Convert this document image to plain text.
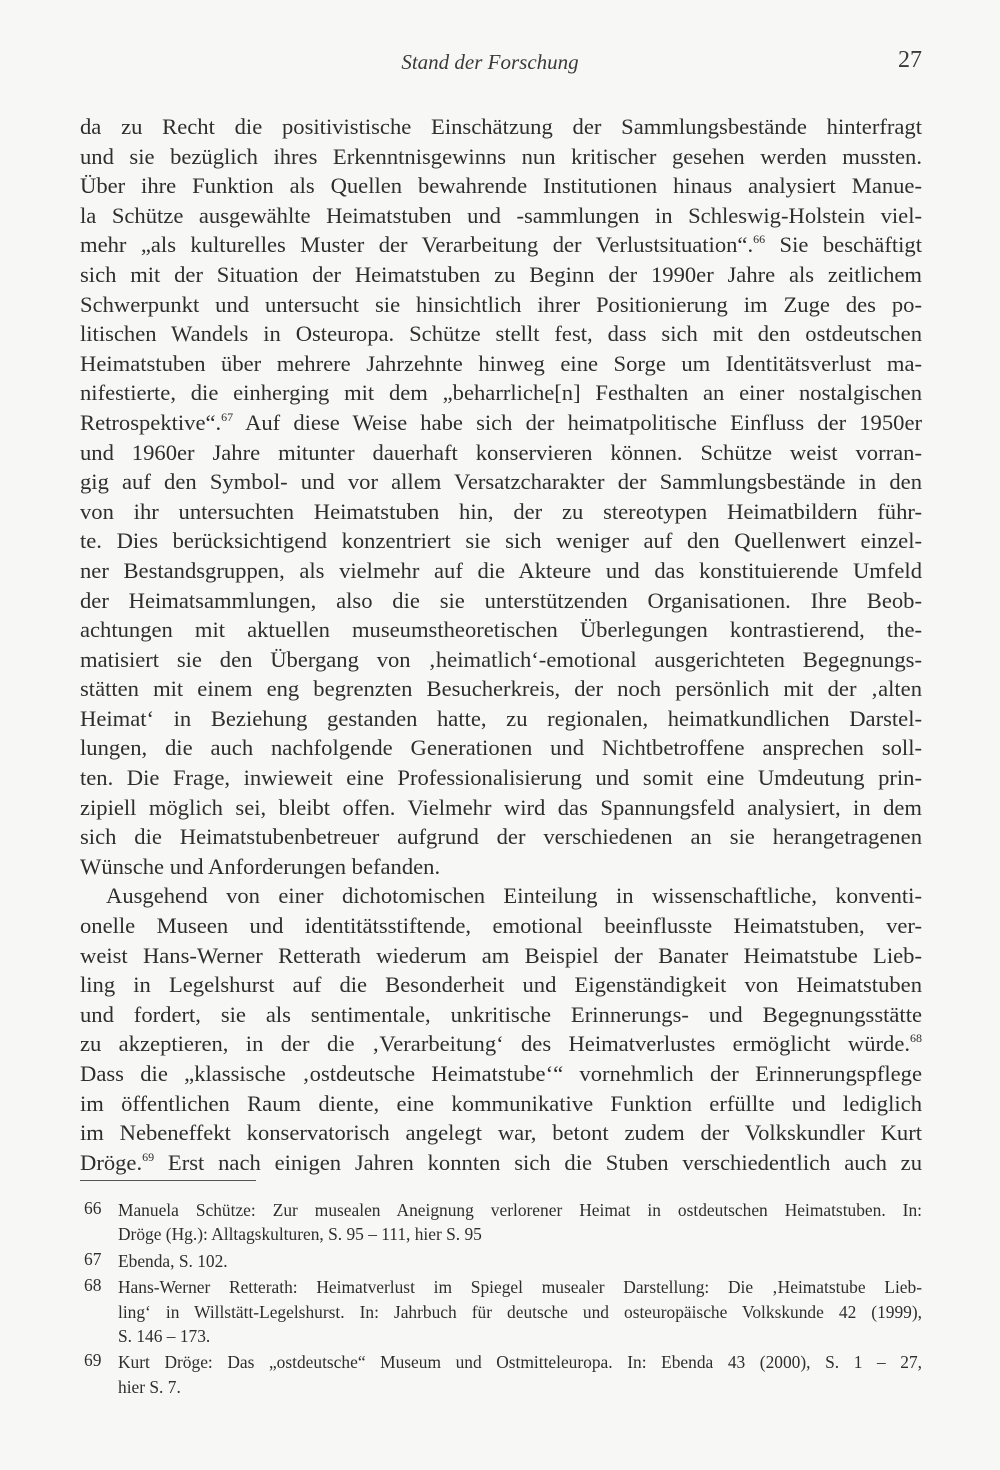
Stand der Forschung	27
da zu Recht die positivistische Einschätzung der Sammlungsbestände hinterfragt
und sie bezüglich ihres Erkenntnisgewinns nun kritischer gesehen werden mussten.
Über ihre Funktion als Quellen bewahrende Institutionen hinaus analysiert Manue-
la Schütze ausgewählte Heimatstuben und -sammlungen in Schleswig-Holstein viel-
mehr „als kulturelles Muster der Verarbeitung der Verlustsituation“.$^{66}$ Sie beschäftigt
sich mit der Situation der Heimatstuben zu Beginn der 1990er Jahre als zeitlichem
Schwerpunkt und untersucht sie hinsichtlich ihrer Positionierung im Zuge des po-
litischen Wandels in Osteuropa. Schütze stellt fest, dass sich mit den ostdeutschen
Heimatstuben über mehrere Jahrzehnte hinweg eine Sorge um Identitätsverlust ma-
nifestierte, die einherging mit dem „beharrliche[n] Festhalten an einer nostalgischen
Retrospektive“.$^{67}$ Auf diese Weise habe sich der heimatpolitische Einfluss der 1950er
und 1960er Jahre mitunter dauerhaft konservieren können. Schütze weist vorran-
gig auf den Symbol- und vor allem Versatzcharakter der Sammlungsbestände in den
von ihr untersuchten Heimatstuben hin, der zu stereotypen Heimatbildern führ-
te. Dies berücksichtigend konzentriert sie sich weniger auf den Quellenwert einzel-
ner Bestandsgruppen, als vielmehr auf die Akteure und das konstituierende Umfeld
der Heimatsammlungen, also die sie unterstützenden Organisationen. Ihre Beob-
achtungen mit aktuellen museumstheoretischen Überlegungen kontrastierend, the-
matisiert sie den Übergang von ‚heimatlich‘-emotional ausgerichteten Begegnungs-
stätten mit einem eng begrenzten Besucherkreis, der noch persönlich mit der ‚alten
Heimat‘ in Beziehung gestanden hatte, zu regionalen, heimatkundlichen Darstel-
lungen, die auch nachfolgende Generationen und Nichtbetroffene ansprechen soll-
ten. Die Frage, inwieweit eine Professionalisierung und somit eine Umdeutung prin-
zipiell möglich sei, bleibt offen. Vielmehr wird das Spannungsfeld analysiert, in dem
sich die Heimatstubenbetreuer aufgrund der verschiedenen an sie herangetragenen
Wünsche und Anforderungen befanden.
Ausgehend von einer dichotomischen Einteilung in wissenschaftliche, konventi-
onelle Museen und identitätsstiftende, emotional beeinflusste Heimatstuben, ver-
weist Hans-Werner Retterath wiederum am Beispiel der Banater Heimatstube Lieb-
ling in Legelshurst auf die Besonderheit und Eigenständigkeit von Heimatstuben
und fordert, sie als sentimentale, unkritische Erinnerungs- und Begegnungsstätte
zu akzeptieren, in der die ‚Verarbeitung‘ des Heimatverlustes ermöglicht würde.$^{68}$
Dass die „klassische ‚ostdeutsche Heimatstube‘“ vornehmlich der Erinnerungspflege
im öffentlichen Raum diente, eine kommunikative Funktion erfüllte und lediglich
im Nebeneffekt konservatorisch angelegt war, betont zudem der Volkskundler Kurt
Dröge.$^{69}$ Erst nach einigen Jahren konnten sich die Stuben verschiedentlich auch zu
66 Manuela Schütze: Zur musealen Aneignung verlorener Heimat in ostdeutschen Heimatstuben. In:
Dröge (Hg.): Alltagskulturen, S. 95 – 111, hier S. 95
67 Ebenda, S. 102.
68 Hans-Werner Retterath: Heimatverlust im Spiegel musealer Darstellung: Die ‚Heimatstube Lieb-
ling‘ in Willstätt-Legelshurst. In: Jahrbuch für deutsche und osteuropäische Volkskunde 42 (1999),
S. 146 – 173.
69 Kurt Dröge: Das „ostdeutsche“ Museum und Ostmitteleuropa. In: Ebenda 43 (2000), S. 1 – 27,
hier S. 7.
